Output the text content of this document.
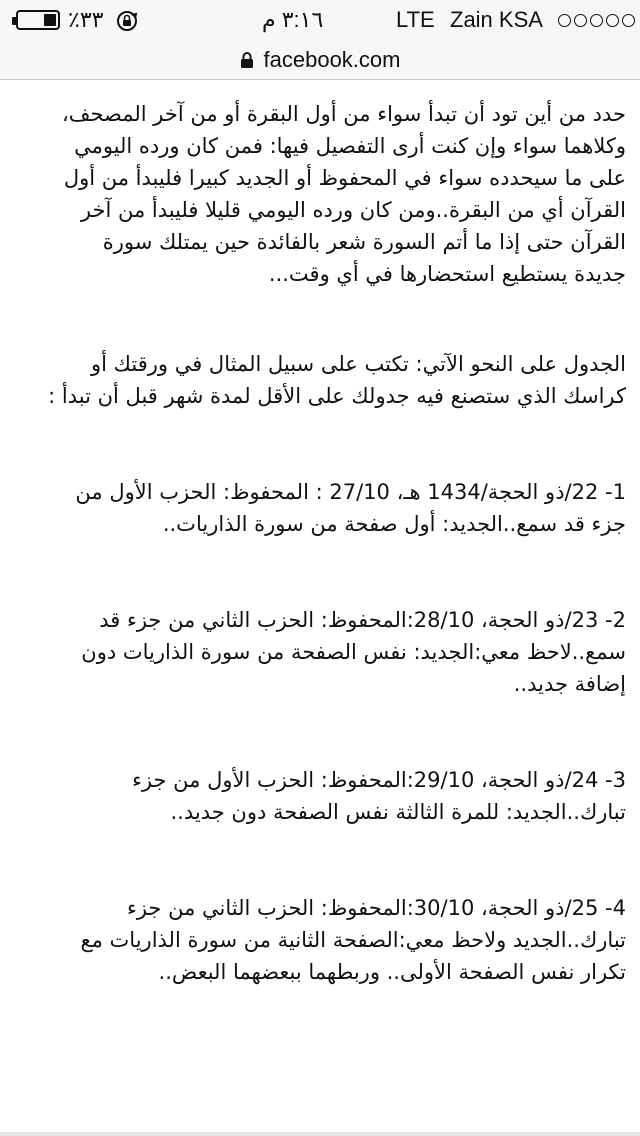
٪٣٣	٣:١٦ م	LTE Zain KSA
facebook.com

حدد من أين تود أن تبدأ سواء من أول البقرة أو من آخر المصحف، وكلاهما سواء وإن كنت أرى التفصيل فيها: فمن كان ورده اليومي على ما سيحدده سواء في المحفوظ أو الجديد كبيرا فليبدأ من أول القرآن أي من البقرة..ومن كان ورده اليومي قليلا فليبدأ من آخر القرآن حتى إذا ما أتم السورة شعر بالفائدة حين يمتلك سورة جديدة يستطيع استحضارها في أي وقت...

الجدول على النحو الآتي: تكتب على سبيل المثال في ورقتك أو كراسك الذي ستصنع فيه جدولك على الأقل لمدة شهر قبل أن تبدأ :

1- 22/ذو الحجة/1434 هـ، 27/10 : المحفوظ: الحزب الأول من جزء قد سمع..الجديد: أول صفحة من سورة الذاريات..

2- 23/ذو الحجة، 28/10:المحفوظ: الحزب الثاني من جزء قد سمع..لاحظ معي:الجديد: نفس الصفحة من سورة الذاريات دون إضافة جديد..

3- 24/ذو الحجة، 29/10:المحفوظ: الحزب الأول من جزء تبارك..الجديد: للمرة الثالثة نفس الصفحة دون جديد..

4- 25/ذو الحجة، 30/10:المحفوظ: الحزب الثاني من جزء تبارك..الجديد ولاحظ معي:الصفحة الثانية من سورة الذاريات مع تكرار نفس الصفحة الأولى.. وربطهما ببعضهما البعض..
